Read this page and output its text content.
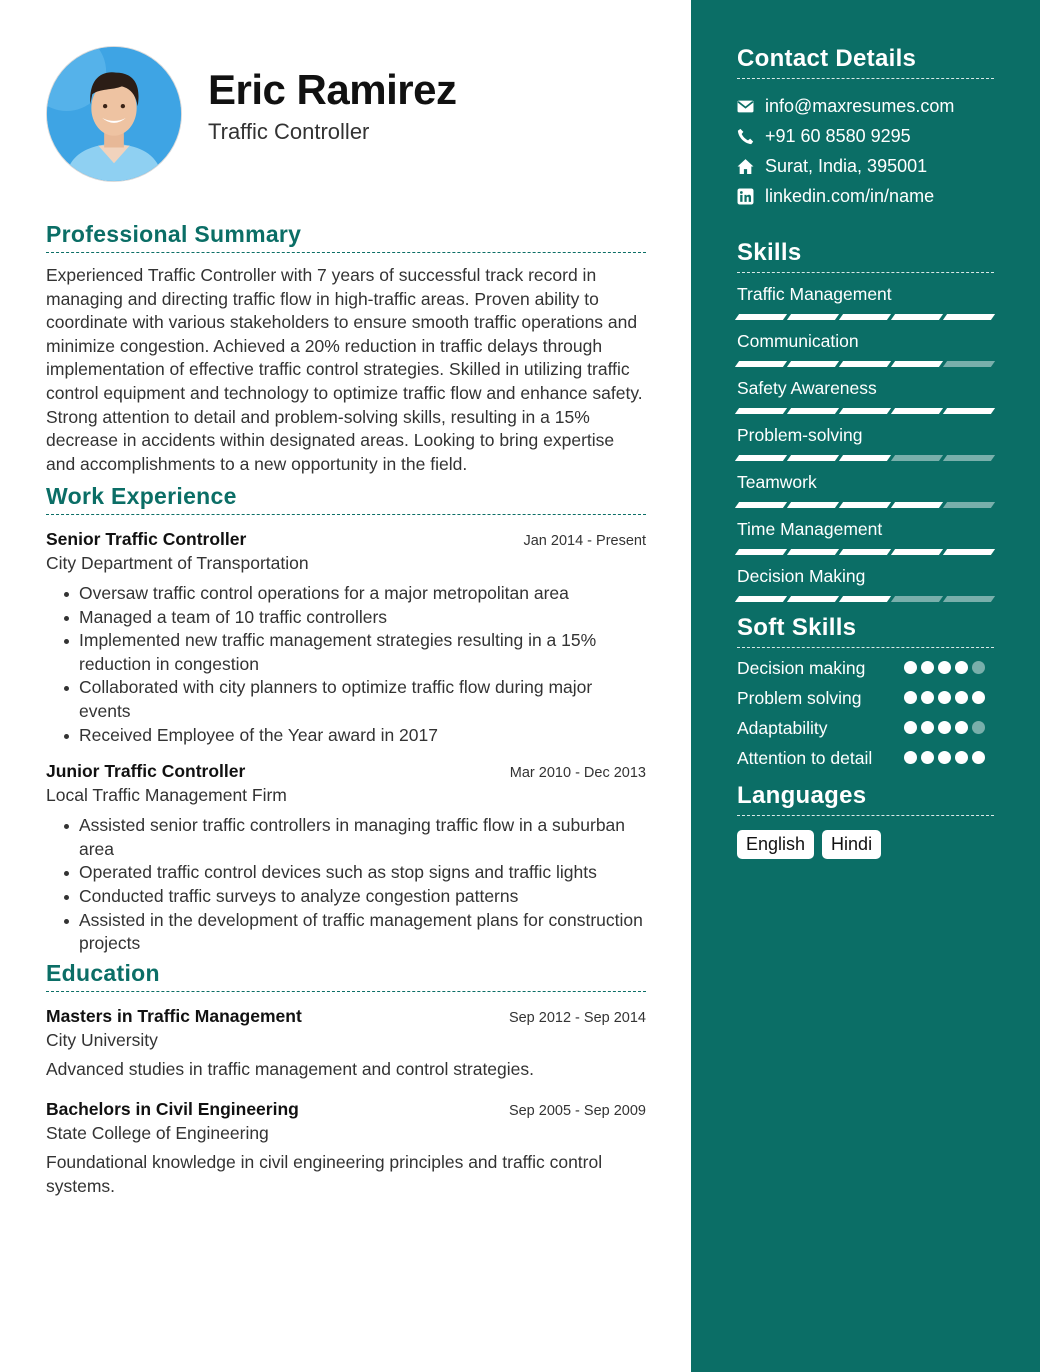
Eric Ramirez
Traffic Controller
Professional Summary

Experienced Traffic Controller with 7 years of successful track record in managing and directing traffic flow in high-traffic areas. Proven ability to coordinate with various stakeholders to ensure smooth traffic operations and minimize congestion. Achieved a 20% reduction in traffic delays through implementation of effective traffic control strategies. Skilled in utilizing traffic control equipment and technology to optimize traffic flow and enhance safety. Strong attention to detail and problem-solving skills, resulting in a 15% decrease in accidents within designated areas. Looking to bring expertise and accomplishments to a new opportunity in the field.

Work Experience
Senior Traffic Controller	Jan 2014 - Present
City Department of Transportation
Oversaw traffic control operations for a major metropolitan area
Managed a team of 10 traffic controllers
Implemented new traffic management strategies resulting in a 15% reduction in congestion
Collaborated with city planners to optimize traffic flow during major events
Received Employee of the Year award in 2017
Junior Traffic Controller	Mar 2010 - Dec 2013
Local Traffic Management Firm
Assisted senior traffic controllers in managing traffic flow in a suburban area
Operated traffic control devices such as stop signs and traffic lights
Conducted traffic surveys to analyze congestion patterns
Assisted in the development of traffic management plans for construction projects
Education
Masters in Traffic Management	Sep 2012 - Sep 2014
City University
Advanced studies in traffic management and control strategies.
Bachelors in Civil Engineering	Sep 2005 - Sep 2009
State College of Engineering
Foundational knowledge in civil engineering principles and traffic control systems.
Contact Details
info@maxresumes.com
+91 60 8580 9295
Surat, India, 395001
linkedin.com/in/name
Skills
Traffic Management
Communication
Safety Awareness
Problem-solving
Teamwork
Time Management
Decision Making
Soft Skills
Decision making
Problem solving
Adaptability
Attention to detail
Languages
English	Hindi
